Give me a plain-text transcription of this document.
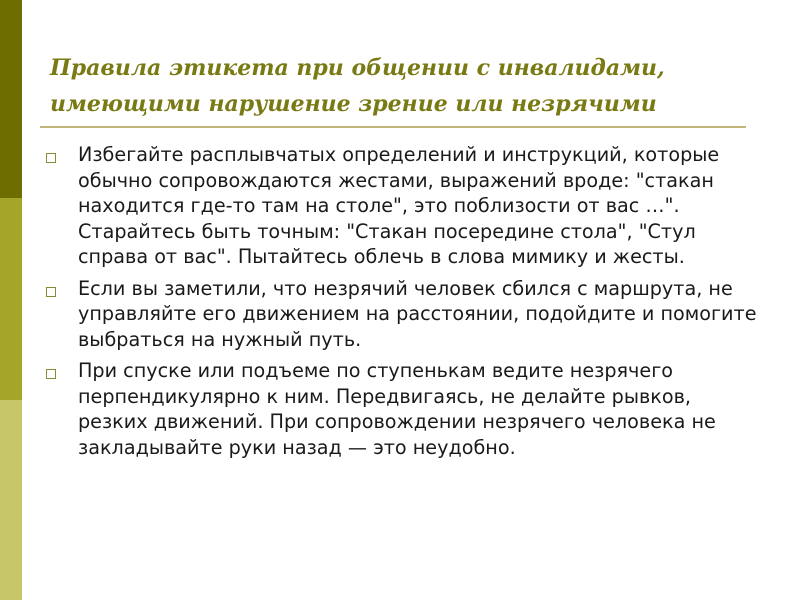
Правила этикета при общении с инвалидами, имеющими нарушение зрение или незрячими
Избегайте расплывчатых определений и инструкций, которые обычно сопровождаются жестами, выражений вроде: "стакан находится где-то там на столе", это поблизости от вас …". Старайтесь быть точным: "Стакан посередине стола", "Стул справа от вас". Пытайтесь облечь в слова мимику и жесты.
Если вы заметили, что незрячий человек сбился с маршрута, не управляйте его движением на расстоянии, подойдите и помогите выбраться на нужный путь.
При спуске или подъеме по ступенькам ведите незрячего перпендикулярно к ним. Передвигаясь, не делайте рывков, резких движений. При сопровождении незрячего человека не закладывайте руки назад — это неудобно.
